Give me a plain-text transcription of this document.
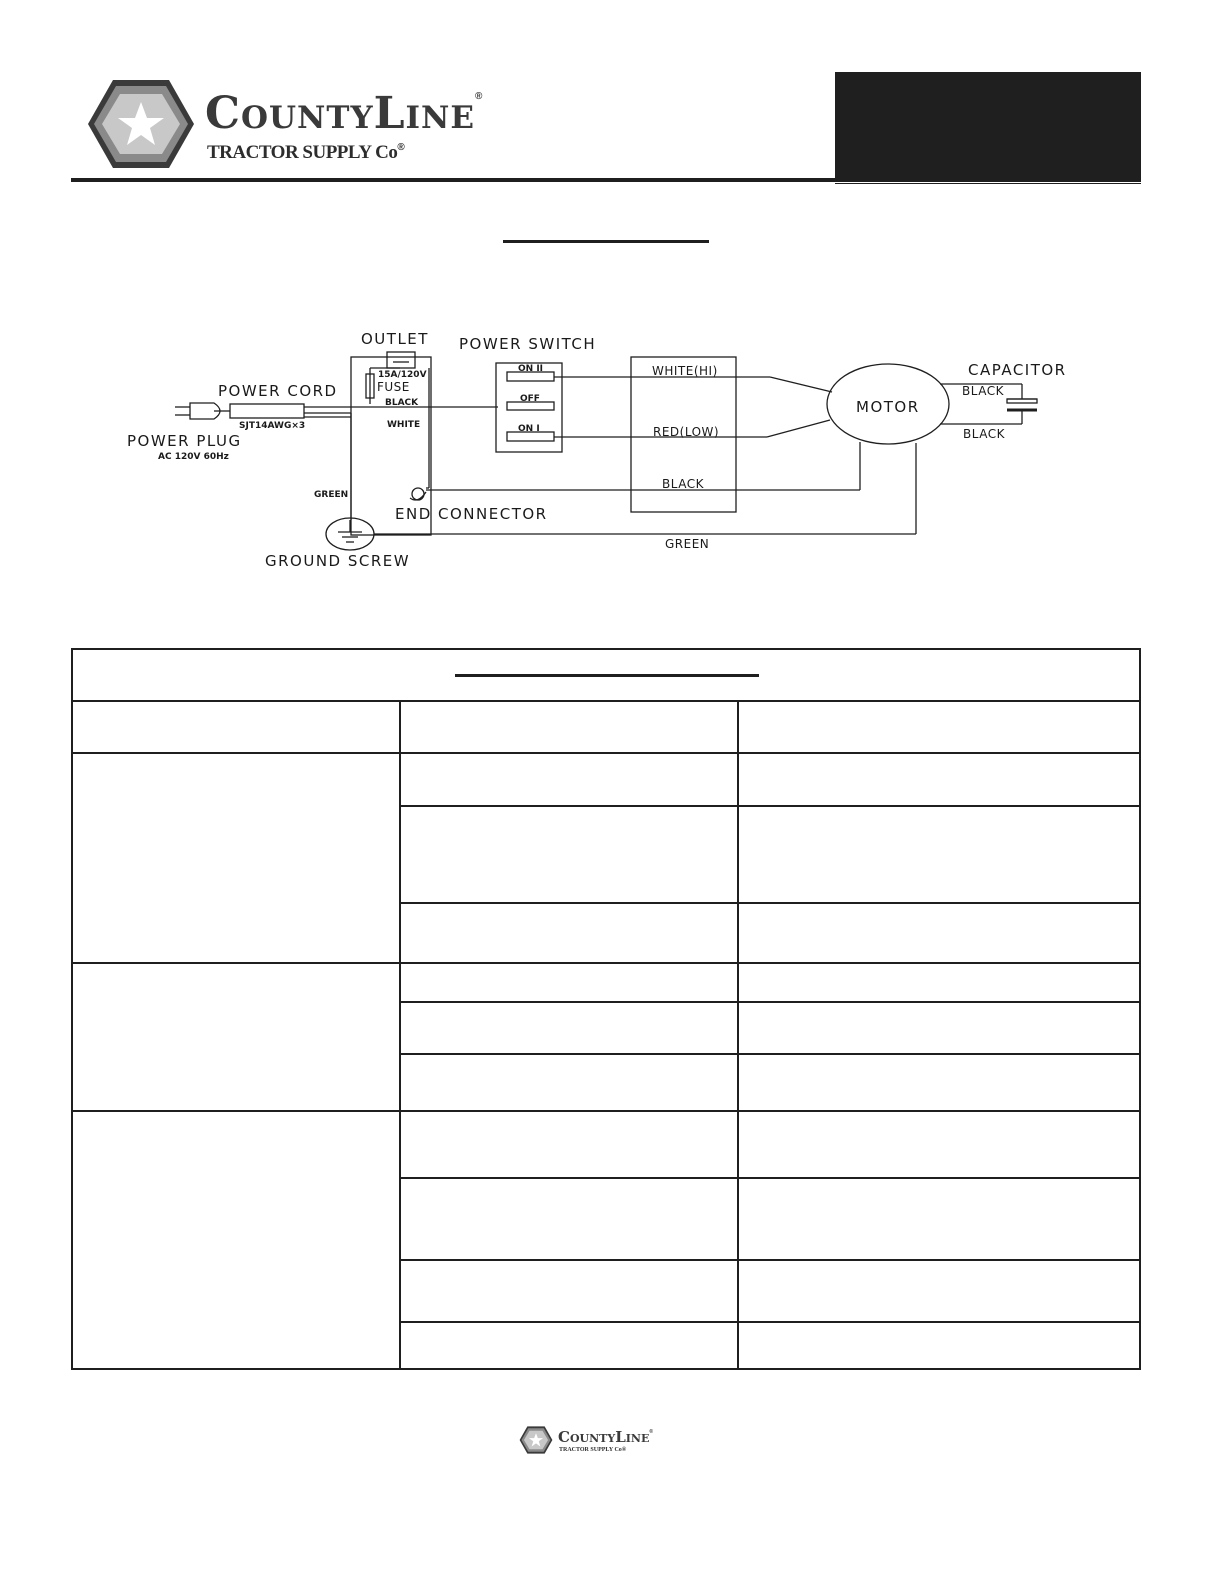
CountyLine®
TRACTOR SUPPLY Co®
OUTLET POWER SWITCH
CAPACITOR
POWER CORD
15A/120V
FUSE
BLACK
WHITE
SJT14AWG×3
POWER PLUG
AC 120V 60Hz
GREEN
END CONNECTOR
GROUND SCREW
ON II
OFF
ON I
WHITE(HI)
RED(LOW)
BLACK
MOTOR
BLACK
BLACK
GREEN
CountyLine®
TRACTOR SUPPLY Co®
